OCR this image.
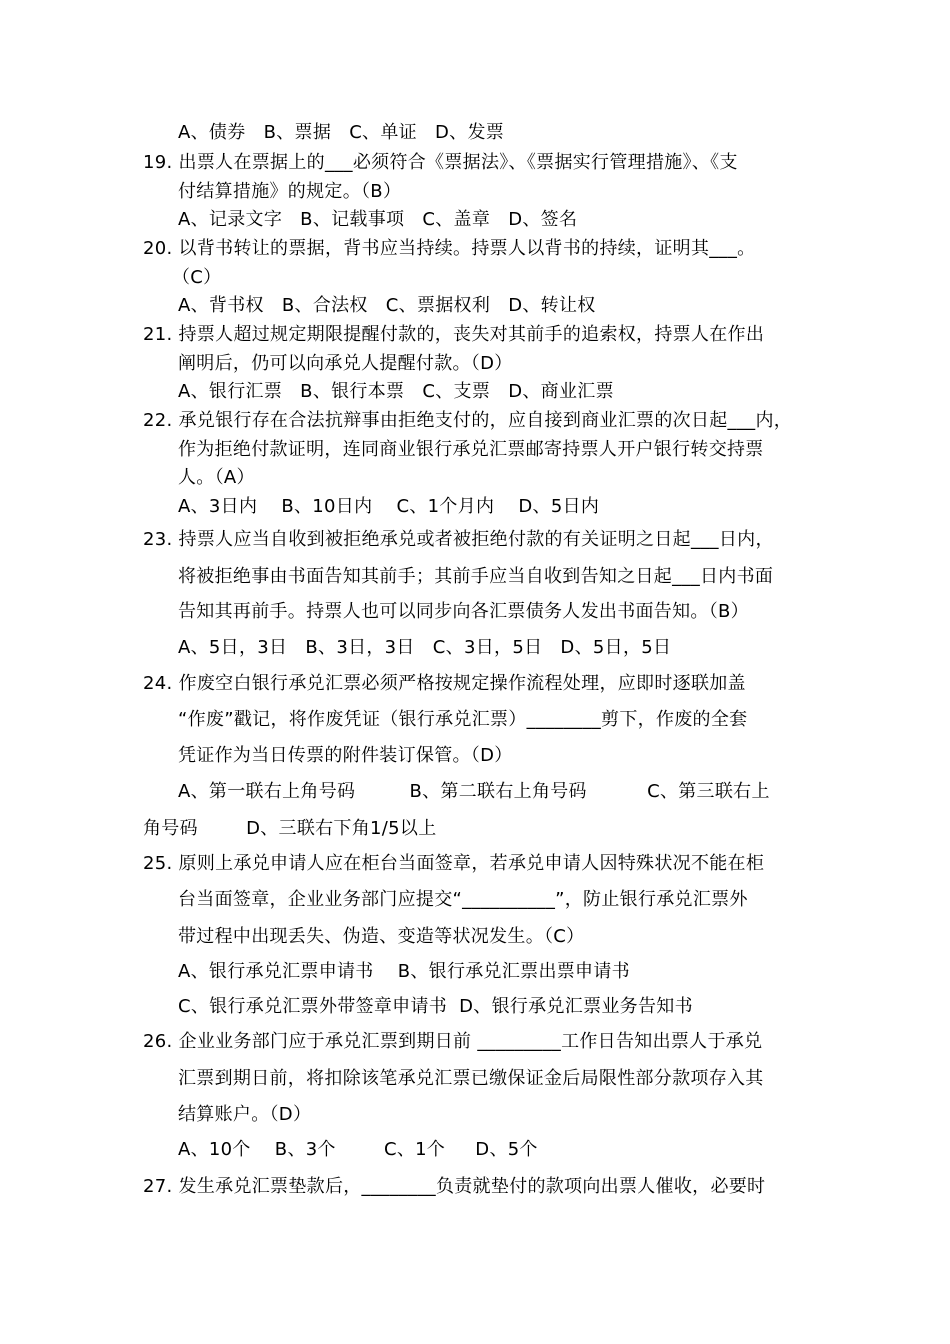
A、债券   B、票据   C、单证   D、发票
19. 出票人在票据上的___必须符合《票据法》、《票据实行管理措施》、《支
付结算措施》的规定。（B）
A、记录文字   B、记载事项   C、盖章   D、签名
20. 以背书转让的票据，背书应当持续。持票人以背书的持续，证明其___。
（C）
A、背书权   B、合法权   C、票据权利   D、转让权
21. 持票人超过规定期限提醒付款的，丧失对其前手的追索权，持票人在作出
阐明后，仍可以向承兑人提醒付款。（D）
A、银行汇票   B、银行本票   C、支票   D、商业汇票
22. 承兑银行存在合法抗辩事由拒绝支付的，应自接到商业汇票的次日起___内，
作为拒绝付款证明，连同商业银行承兑汇票邮寄持票人开户银行转交持票
人。（A）
A、3日内    B、10日内    C、1个月内    D、5日内
23. 持票人应当自收到被拒绝承兑或者被拒绝付款的有关证明之日起___日内，
将被拒绝事由书面告知其前手；其前手应当自收到告知之日起___日内书面
告知其再前手。持票人也可以同步向各汇票债务人发出书面告知。（B）
A、5日，3日   B、3日，3日   C、3日，5日   D、5日，5日
24. 作废空白银行承兑汇票必须严格按规定操作流程处理，应即时逐联加盖
“作废”戳记，将作废凭证（银行承兑汇票）________剪下，作废的全套
凭证作为当日传票的附件装订保管。（D）
A、第一联右上角号码         B、第二联右上角号码          C、第三联右上
角号码        D、三联右下角1/5以上
25. 原则上承兑申请人应在柜台当面签章，若承兑申请人因特殊状况不能在柜
台当面签章，企业业务部门应提交“__________”，防止银行承兑汇票外
带过程中出现丢失、伪造、变造等状况发生。（C）
A、银行承兑汇票申请书    B、银行承兑汇票出票申请书
C、银行承兑汇票外带签章申请书  D、银行承兑汇票业务告知书
26. 企业业务部门应于承兑汇票到期日前 _________工作日告知出票人于承兑
汇票到期日前，将扣除该笔承兑汇票已缴保证金后局限性部分款项存入其
结算账户。（D）
A、10个    B、3个        C、1个     D、5个
27. 发生承兑汇票垫款后，________负责就垫付的款项向出票人催收，必要时
